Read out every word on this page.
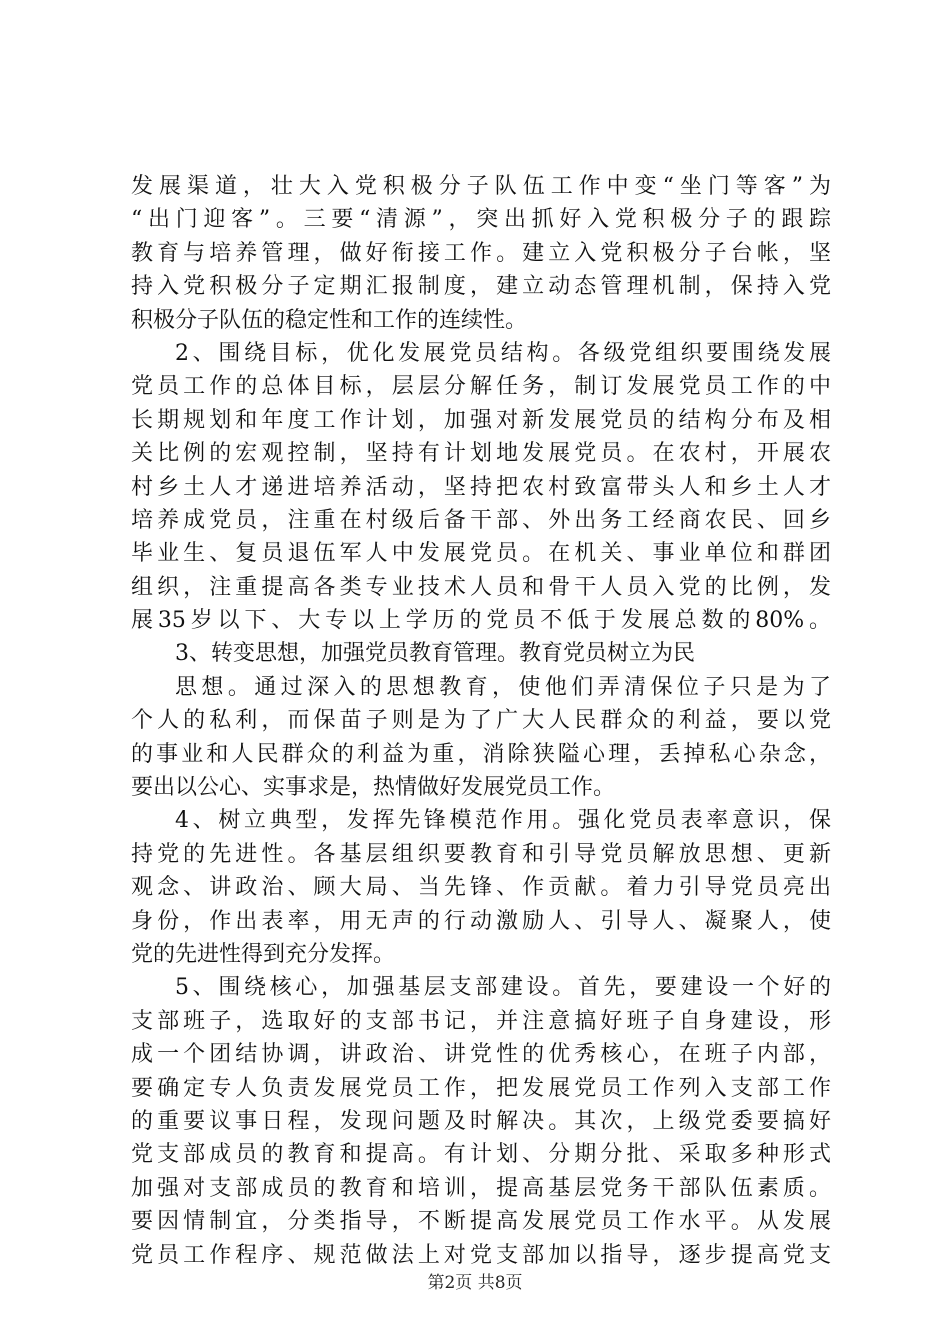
发展渠道，壮大入党积极分子队伍工作中变“坐门等客”为
“出门迎客”。三要“清源”，突出抓好入党积极分子的跟踪
教育与培养管理，做好衔接工作。建立入党积极分子台帐，坚
持入党积极分子定期汇报制度，建立动态管理机制，保持入党
积极分子队伍的稳定性和工作的连续性。
2、围绕目标，优化发展党员结构。各级党组织要围绕发展
党员工作的总体目标，层层分解任务，制订发展党员工作的中
长期规划和年度工作计划，加强对新发展党员的结构分布及相
关比例的宏观控制，坚持有计划地发展党员。在农村，开展农
村乡土人才递进培养活动，坚持把农村致富带头人和乡土人才
培养成党员，注重在村级后备干部、外出务工经商农民、回乡
毕业生、复员退伍军人中发展党员。在机关、事业单位和群团
组织，注重提高各类专业技术人员和骨干人员入党的比例，发
展35岁以下、大专以上学历的党员不低于发展总数的80%。
3、转变思想，加强党员教育管理。教育党员树立为民
思想。通过深入的思想教育，使他们弄清保位子只是为了
个人的私利，而保苗子则是为了广大人民群众的利益，要以党
的事业和人民群众的利益为重，消除狭隘心理，丢掉私心杂念，
要出以公心、实事求是，热情做好发展党员工作。
4、树立典型，发挥先锋模范作用。强化党员表率意识，保
持党的先进性。各基层组织要教育和引导党员解放思想、更新
观念、讲政治、顾大局、当先锋、作贡献。着力引导党员亮出
身份，作出表率，用无声的行动激励人、引导人、凝聚人，使
党的先进性得到充分发挥。
5、围绕核心，加强基层支部建设。首先，要建设一个好的
支部班子，选取好的支部书记，并注意搞好班子自身建设，形
成一个团结协调，讲政治、讲党性的优秀核心，在班子内部，
要确定专人负责发展党员工作，把发展党员工作列入支部工作
的重要议事日程，发现问题及时解决。其次，上级党委要搞好
党支部成员的教育和提高。有计划、分期分批、采取多种形式
加强对支部成员的教育和培训，提高基层党务干部队伍素质。
要因情制宜，分类指导，不断提高发展党员工作水平。从发展
党员工作程序、规范做法上对党支部加以指导，逐步提高党支
第2页 共8页
